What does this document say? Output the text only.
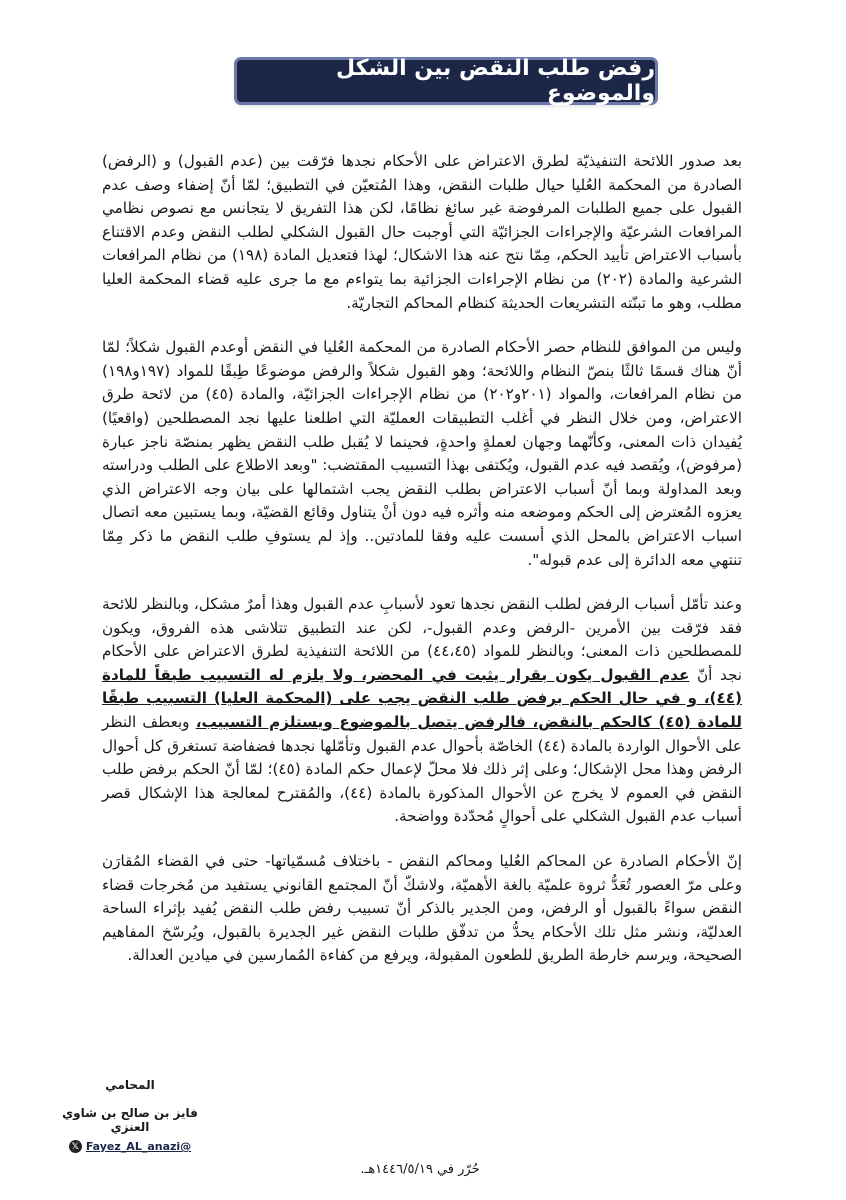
رفض طلب النقض بين الشكل والموضوع

بعد صدور اللائحة التنفيذيّة لطرق الاعتراض على الأحكام نجدها فرّقت بين (عدم القبول) و (الرفض) الصادرة من المحكمة العُليا حيال طلبات النقض، وهذا المُتعيّن في التطبيق؛ لمّا أنّ إضفاء وصف عدم القبول على جميع الطلبات المرفوضة غير سائغ نظامًا، لكن هذا التفريق لا يتجانس مع نصوص نظامي المرافعات الشرعيّة والإجراءات الجزائيّة التي أوجبت حال القبول الشكلي لطلب النقض وعدم الاقتناع بأسباب الاعتراض تأييد الحكم، مِمّا نتج عنه هذا الاشكال؛ لهذا فتعديل المادة (١٩٨) من نظام المرافعات الشرعية والمادة (٢٠٢) من نظام الإجراءات الجزائية بما يتواءم مع ما جرى عليه قضاء المحكمة العليا مطلب، وهو ما تبنّته التشريعات الحديثة كنظام المحاكم التجاريّة.

وليس من الموافق للنظام حصر الأحكام الصادرة من المحكمة العُليا في النقض أوعدم القبول شكلاً؛ لمّا أنّ هناك قسمًا ثالثًا بنصّ النظام واللائحة؛ وهو القبول شكلاً والرفض موضوعًا طِبقًا للمواد (١٩٧و١٩٨) من نظام المرافعات، والمواد (٢٠١و٢٠٢) من نظام الإجراءات الجزائيّة، والمادة (٤٥) من لائحة طرق الاعتراض، ومن خلال النظر في أغلب التطبيقات العمليّة التي اطلعنا عليها نجد المصطلحين (واقعيًا) يُفيدان ذات المعنى، وكأنّهما وجهان لعملةٍ واحدةٍ، فحينما لا يُقبل طلب النقض يظهر بمنصّة ناجز عبارة (مرفوض)، ويُقصد فيه عدم القبول، ويُكتفى بهذا التسبيب المقتضب: "وبعد الاطلاع على الطلب ودراسته وبعد المداولة وبما أنّ أسباب الاعتراض بطلب النقض يجب اشتمالها على بيان وجه الاعتراض الذي يعزوه المُعترض إلى الحكم وموضعه منه وأثره فيه دون أنْ يتناول وقائع القضيّة، وبما يستبين معه اتصال اسباب الاعتراض بالمحل الذي أسست عليه وفقا للمادتين.. وإذ لم يستوفِ طلب النقض ما ذكر مِمّا تنتهي معه الدائرة إلى عدم قبوله".

وعند تأمّل أسباب الرفض لطلب النقض نجدها تعود لأسبابِ عدم القبول وهذا أمرٌ مشكل، وبالنظر للائحة فقد فرّقت بين الأمرين -الرفض وعدم القبول-، لكن عند التطبيق تتلاشى هذه الفروق، ويكون للمصطلحين ذات المعنى؛ وبالنظر للمواد (٤٤،٤٥) من اللائحة التنفيذية لطرق الاعتراض على الأحكام نجد أنّ عدم القبول يكون بقرار يثبت في المحضر، ولا يلزم له التسبيب طبقاً للمادة (٤٤)، و في حال الحكم برفض طلب النقض يجب على (المحكمة العليا) التسبيب طبقًا للمادة (٤٥) كالحكم بالنقض، فالرفض يتصل بالموضوع ويستلزم التسبيب، وبعطف النظر على الأحوال الواردة بالمادة (٤٤) الخاصّة بأحوال عدم القبول وتأمّلها نجدها فضفاضة تستغرق كل أحوال الرفض وهذا محل الإشكال؛ وعلى إثر ذلك فلا محلّ لإعمال حكم المادة (٤٥)؛ لمّا أنّ الحكم برفض طلب النقض في العموم لا يخرج عن الأحوال المذكورة بالمادة (٤٤)، والمُقترح لمعالجة هذا الإشكال قصر أسباب عدم القبول الشكلي على أحوالٍ مُحدّدة وواضحة.

إنّ الأحكام الصادرة عن المحاكم العُليا ومحاكم النقض - باختلاف مُسمّياتها- حتى في القضاء المُقارَن وعلى مرّ العصور تُعَدُّ ثروة علميّة بالغة الأهميّة، ولاشكّ أنّ المجتمع القانوني يستفيد من مُخرجات قضاء النقض سواءً بالقبول أو الرفض، ومن الجدير بالذكر أنّ تسبيب رفض طلب النقض يُفيد بإثراء الساحة العدليّة، ونشر مثل تلك الأحكام يحدُّ من تدفّق طلبات النقض غير الجديرة بالقبول، ويُرسّخ المفاهيم الصحيحة، ويرسم خارطة الطريق للطعون المقبولة، ويرفع من كفاءة المُمارسين في ميادين العدالة.

المحامي
فايز بن صالح بن شاوي العنزي
𝕏 Fayez_AL_anazi@
حُرّر في ١٤٤٦/٥/١٩هـ.
